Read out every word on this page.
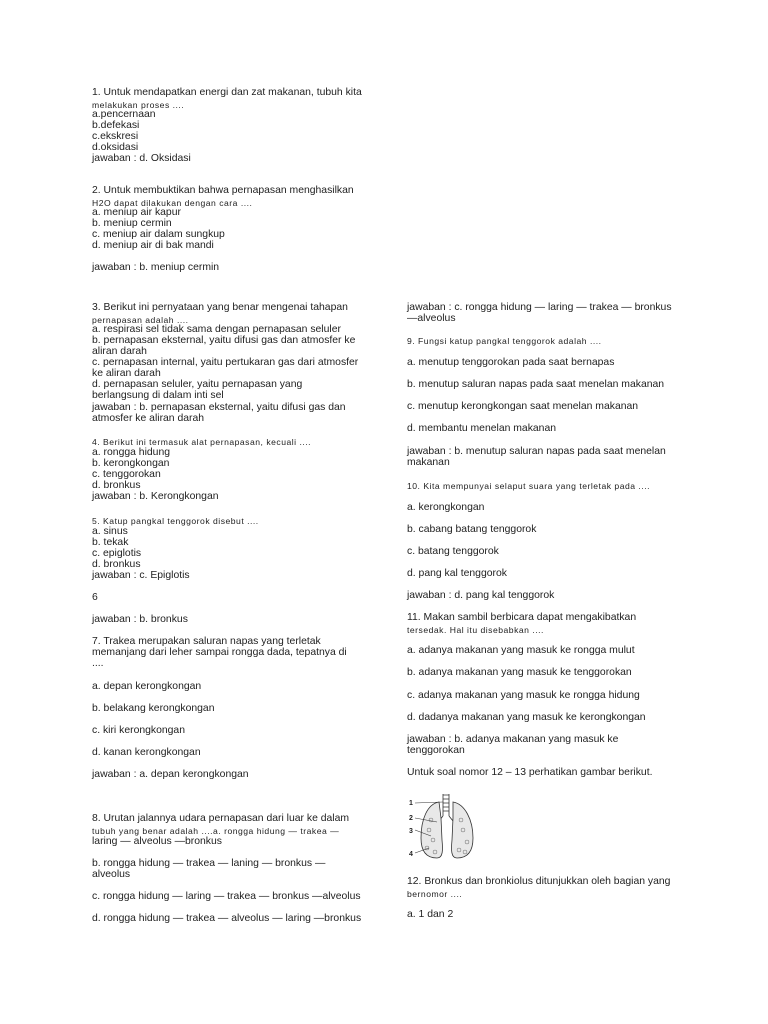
1. Untuk mendapatkan energi dan zat makanan, tubuh kita
melakukan proses ....
a.pencernaan
b.defekasi
c.ekskresi
d.oksidasi
jawaban : d. Oksidasi
2. Untuk membuktikan bahwa pernapasan menghasilkan
H2O dapat dilakukan dengan cara ....
a. meniup air kapur
b. meniup cermin
c. meniup air dalam sungkup
d. meniup air di bak mandi
jawaban : b. meniup cermin
3. Berikut ini pernyataan yang benar mengenai tahapan
pernapasan adalah ....
a. respirasi sel tidak sama dengan pernapasan seluler
b. pernapasan eksternal, yaitu difusi gas dan atmosfer ke
aliran darah
c. pernapasan internal, yaitu pertukaran gas dari atmosfer
ke aliran darah
d. pernapasan seluler, yaitu pernapasan yang
berlangsung di dalam inti sel
jawaban : b. pernapasan eksternal, yaitu difusi gas dan
atmosfer ke aliran darah
4. Berikut ini termasuk alat pernapasan, kecuali ....
a. rongga hidung
b. kerongkongan
c. tenggorokan
d. bronkus
jawaban : b. Kerongkongan
5. Katup pangkal tenggorok disebut ....
a. sinus
b. tekak
c. epiglotis
d. bronkus
jawaban : c. Epiglotis
6
jawaban : b. bronkus
7. Trakea merupakan saluran napas yang terletak
memanjang dari leher sampai rongga dada, tepatnya di
....
a. depan kerongkongan
b. belakang kerongkongan
c. kiri kerongkongan
d. kanan kerongkongan
jawaban : a. depan kerongkongan
8. Urutan jalannya udara pernapasan dari luar ke dalam
tubuh yang benar adalah ....a. rongga hidung — trakea —
laring — alveolus —bronkus
b. rongga hidung — trakea — laning — bronkus —
alveolus
c. rongga hidung — laring — trakea — bronkus —alveolus
d. rongga hidung — trakea — alveolus — laring —bronkus
jawaban : c. rongga hidung — laring — trakea — bronkus
—alveolus
9. Fungsi katup pangkal tenggorok adalah ....
a. menutup tenggorokan pada saat bernapas
b. menutup saluran napas pada saat menelan makanan
c. menutup kerongkongan saat menelan makanan
d. membantu menelan makanan
jawaban : b. menutup saluran napas pada saat menelan
makanan
10. Kita mempunyai selaput suara yang terletak pada ....
a. kerongkongan
b. cabang batang tenggorok
c. batang tenggorok
d. pang kal tenggorok
jawaban : d. pang kal tenggorok
11. Makan sambil berbicara dapat mengakibatkan
tersedak. Hal itu disebabkan ....
a. adanya makanan yang masuk ke rongga mulut
b. adanya makanan yang masuk ke tenggorokan
c. adanya makanan yang masuk ke rongga hidung
d. dadanya makanan yang masuk ke kerongkongan
jawaban : b. adanya makanan yang masuk ke
tenggorokan
Untuk soal nomor 12 – 13 perhatikan gambar berikut.
12. Bronkus dan bronkiolus ditunjukkan oleh bagian yang
bernomor ....
a. 1 dan 2
1
2
3
4
